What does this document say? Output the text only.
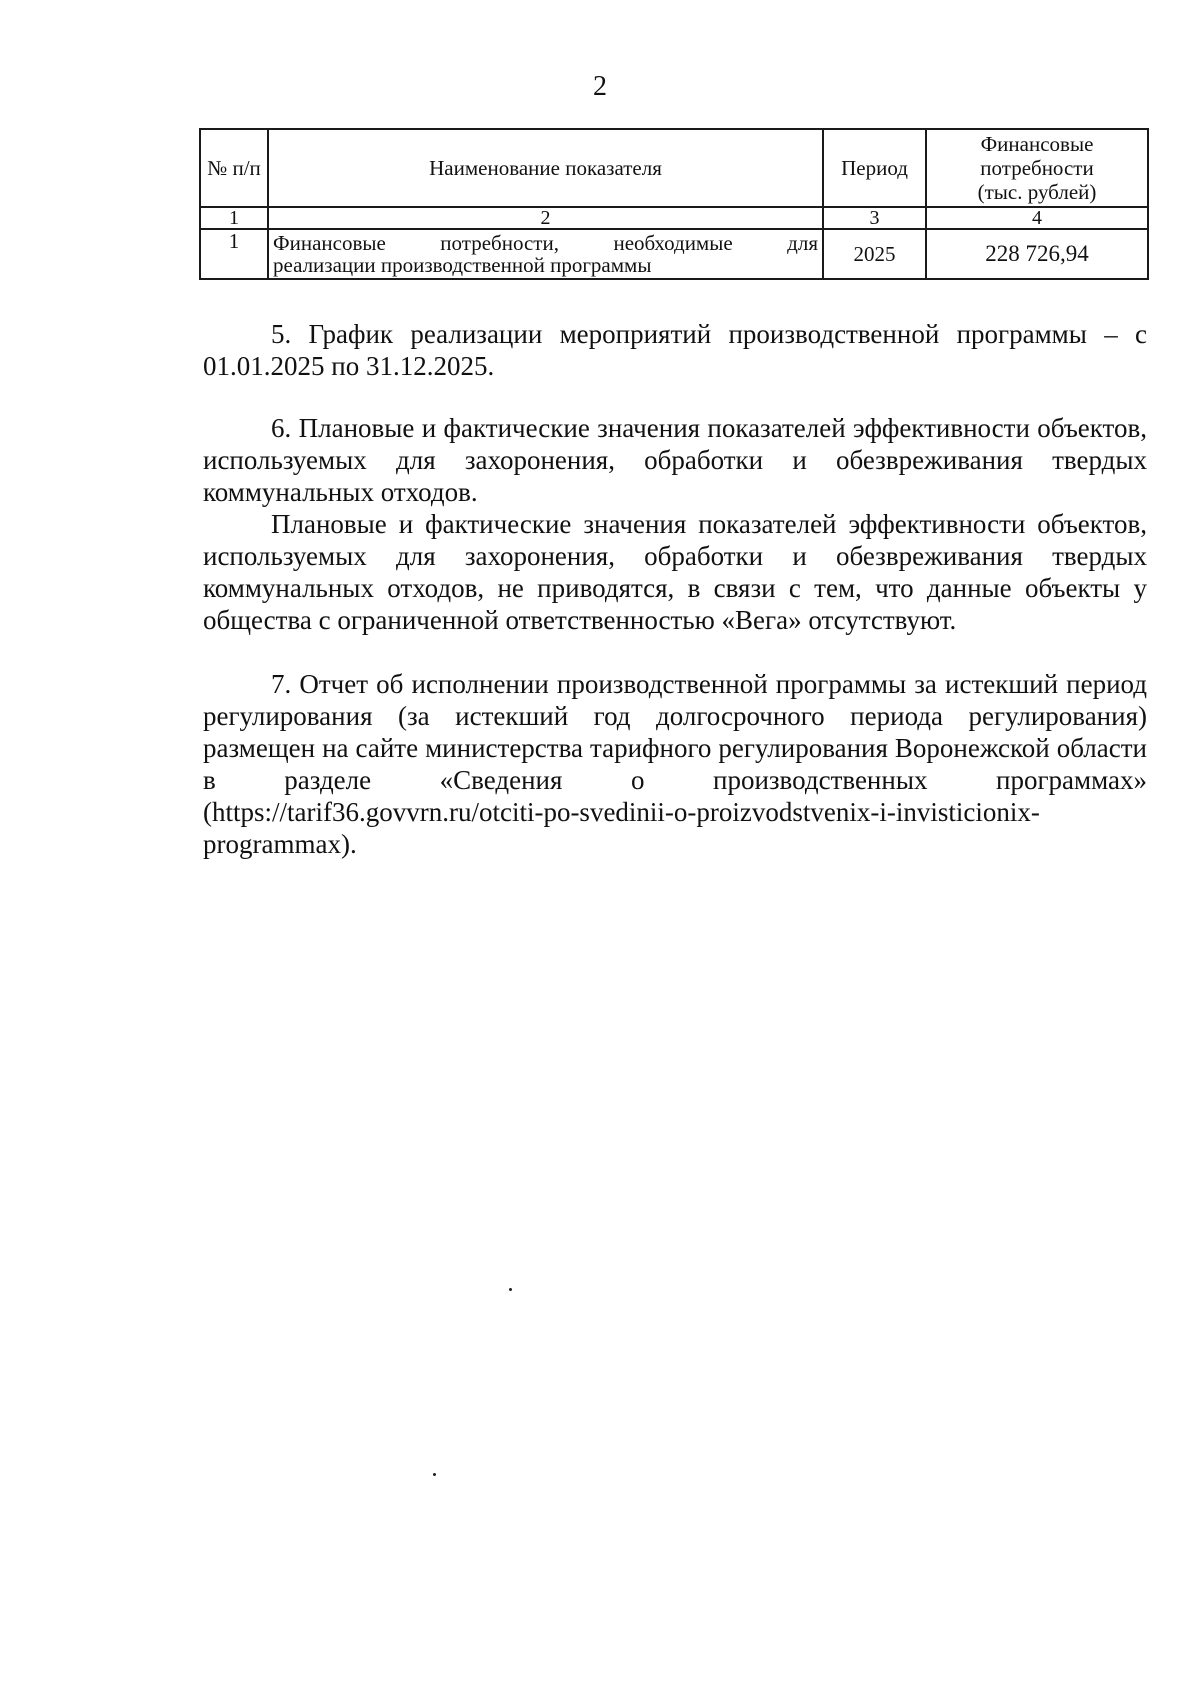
2
№ п/п	Наименование показателя	Период	Финансовые
потребности
(тыс. рублей)

1	2	3	4
1	Финансовые потребности, необходимые для
реализации производственной программы	2025	228 726,94

5. График реализации мероприятий производственной программы – с 01.01.2025 по 31.12.2025.

6. Плановые и фактические значения показателей эффективности объектов, используемых для захоронения, обработки и обезвреживания твердых коммунальных отходов.

Плановые и фактические значения показателей эффективности объектов, используемых для захоронения, обработки и обезвреживания твердых коммунальных отходов, не приводятся, в связи с тем, что данные объекты у общества с ограниченной ответственностью «Вега» отсутствуют.

7. Отчет об исполнении производственной программы за истекший период регулирования (за истекший год долгосрочного периода регулирования) размещен на сайте министерства тарифного регулирования Воронежской области в разделе «Сведения о производственных программах» (https://tarif36.govvrn.ru/otciti-po-svedinii-o-proizvodstvenix-i-invisticionix-programmax).
